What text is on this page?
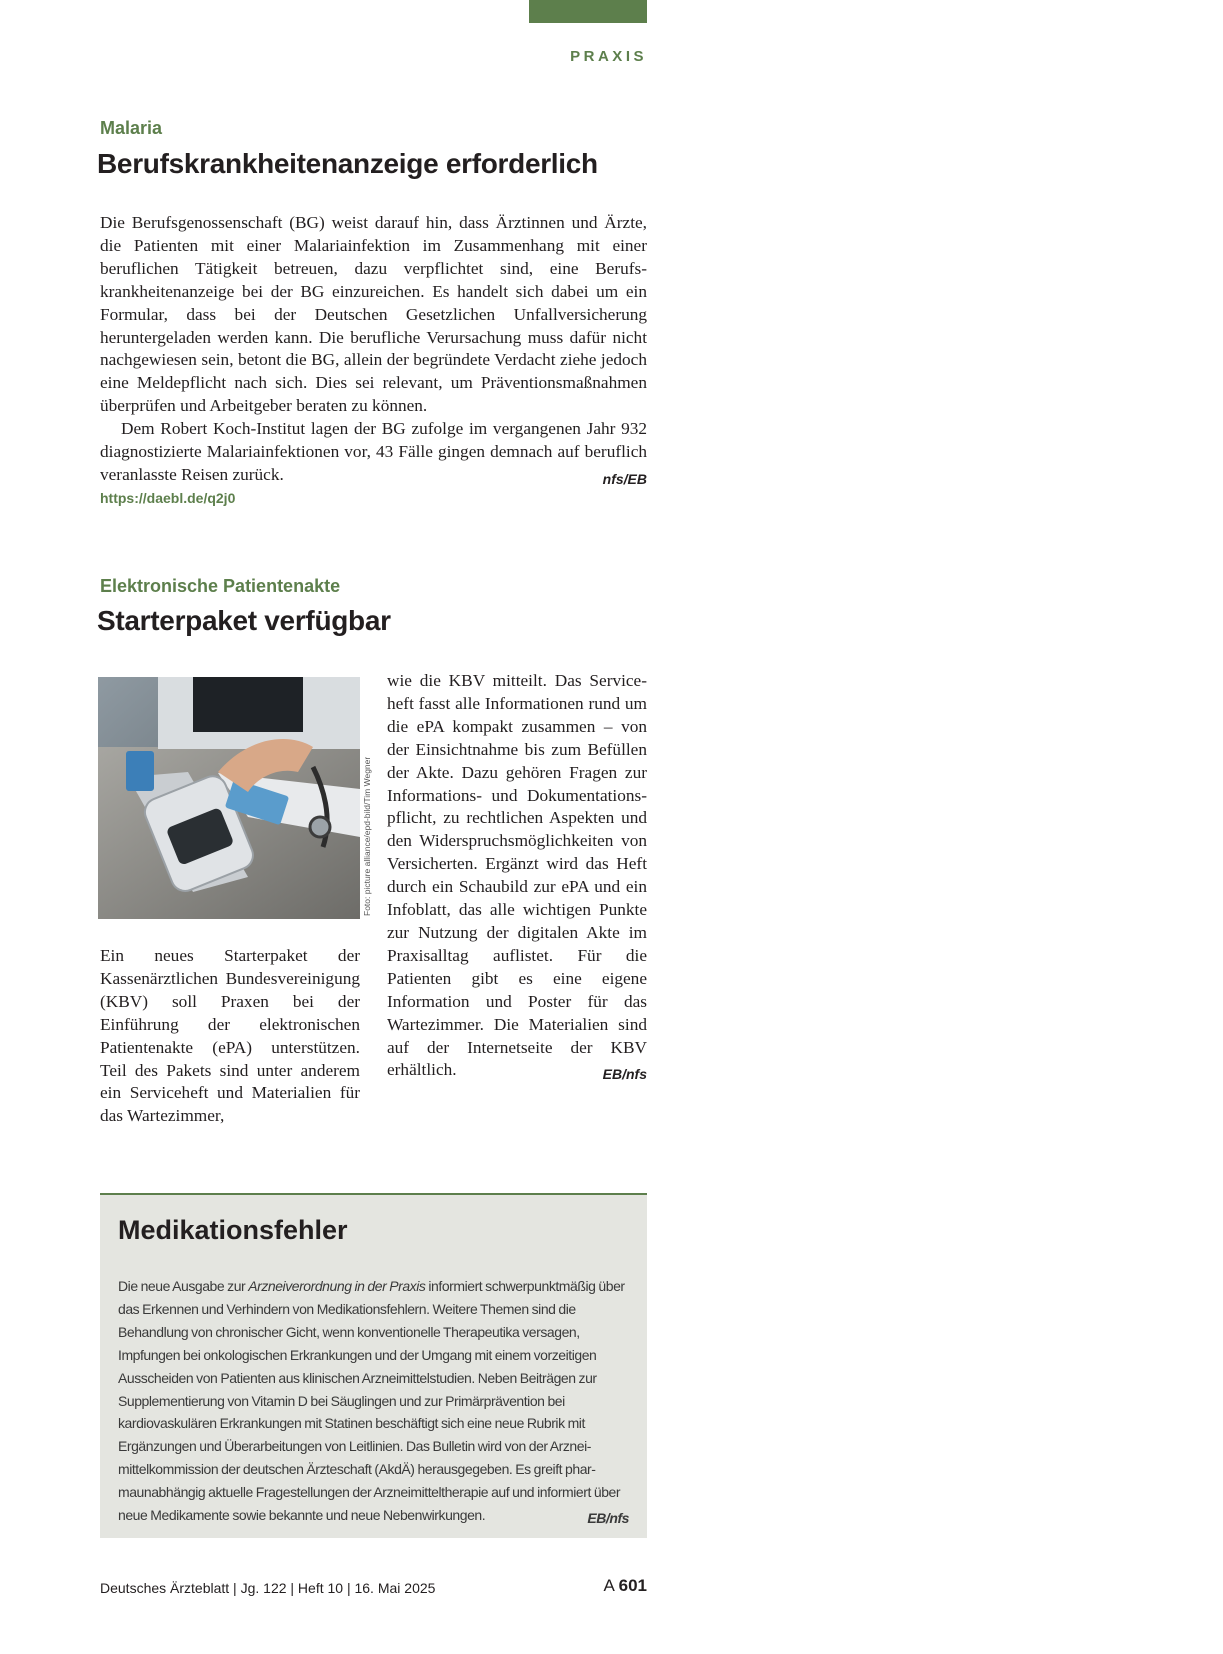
PRAXIS
Malaria
Berufskrankheitenanzeige erforderlich

Die Berufsgenossenschaft (BG) weist darauf hin, dass Ärztinnen und Ärzte, die Patienten mit einer Malariainfektion im Zusammenhang mit einer beruflichen Tätigkeit betreuen, dazu verpflichtet sind, eine Berufskrankheitenanzeige bei der BG einzureichen. Es handelt sich dabei um ein Formular, dass bei der Deutschen Gesetzlichen Unfallversicherung heruntergeladen werden kann. Die berufliche Verursachung muss dafür nicht nachgewiesen sein, betont die BG, allein der begründete Verdacht ziehe jedoch eine Meldepflicht nach sich. Dies sei relevant, um Präventionsmaßnahmen überprüfen und Arbeitgeber beraten zu können.

Dem Robert Koch-Institut lagen der BG zufolge im vergangenen Jahr 932 diagnostizierte Malariainfektionen vor, 43 Fälle gingen demnach auf beruflich veranlasste Reisen zurück.	nfs/EB

https://daebl.de/q2j0
Elektronische Patientenakte
Starterpaket verfügbar
Foto: picture alliance/epd-bild/Tim Wegner
Ein neues Starterpaket der Kassenärztlichen Bundesvereinigung (KBV) soll Praxen bei der Einführung der elektronischen Patientenakte (ePA) unterstützen. Teil des Pakets sind unter anderem ein Serviceheft und Materialien für das Wartezimmer,
wie die KBV mitteilt. Das Serviceheft fasst alle Informationen rund um die ePA kompakt zusammen – von der Einsichtnahme bis zum Befüllen der Akte. Dazu gehören Fragen zur Informations- und Dokumentationspflicht, zu rechtlichen Aspekten und den Widerspruchsmöglichkeiten von Versicherten. Ergänzt wird das Heft durch ein Schaubild zur ePA und ein Infoblatt, das alle wichtigen Punkte zur Nutzung der digitalen Akte im Praxisalltag auflistet. Für die Patienten gibt es eine eigene Information und Poster für das Wartezimmer. Die Materialien sind auf der Internetseite der KBV erhältlich.	EB/nfs
Medikationsfehler
Die neue Ausgabe zur Arzneiverordnung in der Praxis informiert schwerpunktmäßig über das Erkennen und Verhindern von Medikationsfehlern. Weitere Themen sind die Behandlung von chronischer Gicht, wenn konventionelle Therapeutika versagen, Impfungen bei onkologischen Erkrankungen und der Umgang mit einem vorzeitigen Ausscheiden von Patienten aus klinischen Arzneimittelstudien. Neben Beiträgen zur Supplementierung von Vitamin D bei Säuglingen und zur Primärprävention bei kardiovaskulären Erkrankungen mit Statinen beschäftigt sich eine neue Rubrik mit Ergänzungen und Überarbeitungen von Leitlinien. Das Bulletin wird von der Arzneimittelkommission der deutschen Ärzteschaft (AkdÄ) herausgegeben. Es greift pharmaunabhängig aktuelle Fragestellungen der Arzneimitteltherapie auf und informiert über neue Medikamente sowie bekannte und neue Nebenwirkungen.	EB/nfs
Deutsches Ärzteblatt | Jg. 122 | Heft 10 | 16. Mai 2025	A 601
